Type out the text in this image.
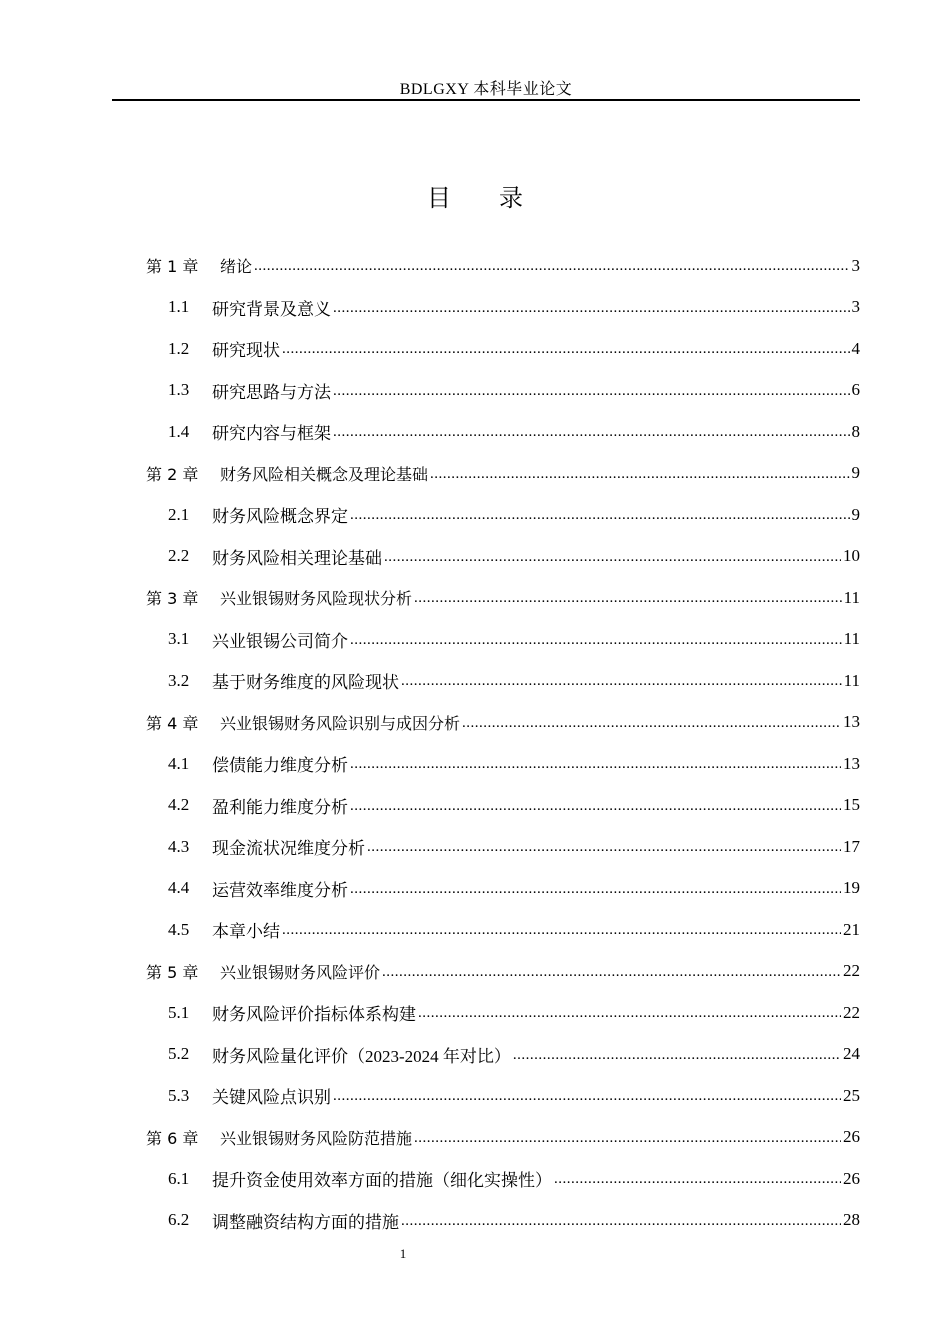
BDLGXY 本科毕业论文
目 录
第 1 章	绪论 .....	3
1.1	研究背景及意义 .....	3
1.2	研究现状 .....	4
1.3	研究思路与方法 .....	6
1.4	研究内容与框架 .....	8
第 2 章	财务风险相关概念及理论基础 .....	9
2.1	财务风险概念界定 .....	9
2.2	财务风险相关理论基础 .....	10
第 3 章	兴业银锡财务风险现状分析 .....	11
3.1	兴业银锡公司简介 .....	11
3.2	基于财务维度的风险现状 .....	11
第 4 章	兴业银锡财务风险识别与成因分析 .....	13
4.1	偿债能力维度分析 .....	13
4.2	盈利能力维度分析 .....	15
4.3	现金流状况维度分析 .....	17
4.4	运营效率维度分析 .....	19
4.5	本章小结 .....	21
第 5 章	兴业银锡财务风险评价 .....	22
5.1	财务风险评价指标体系构建 .....	22
5.2	财务风险量化评价（2023-2024 年对比） .....	24
5.3	关键风险点识别 .....	25
第 6 章	兴业银锡财务风险防范措施 .....	26
6.1	提升资金使用效率方面的措施（细化实操性） .....	26
6.2	调整融资结构方面的措施 .....	28
1
